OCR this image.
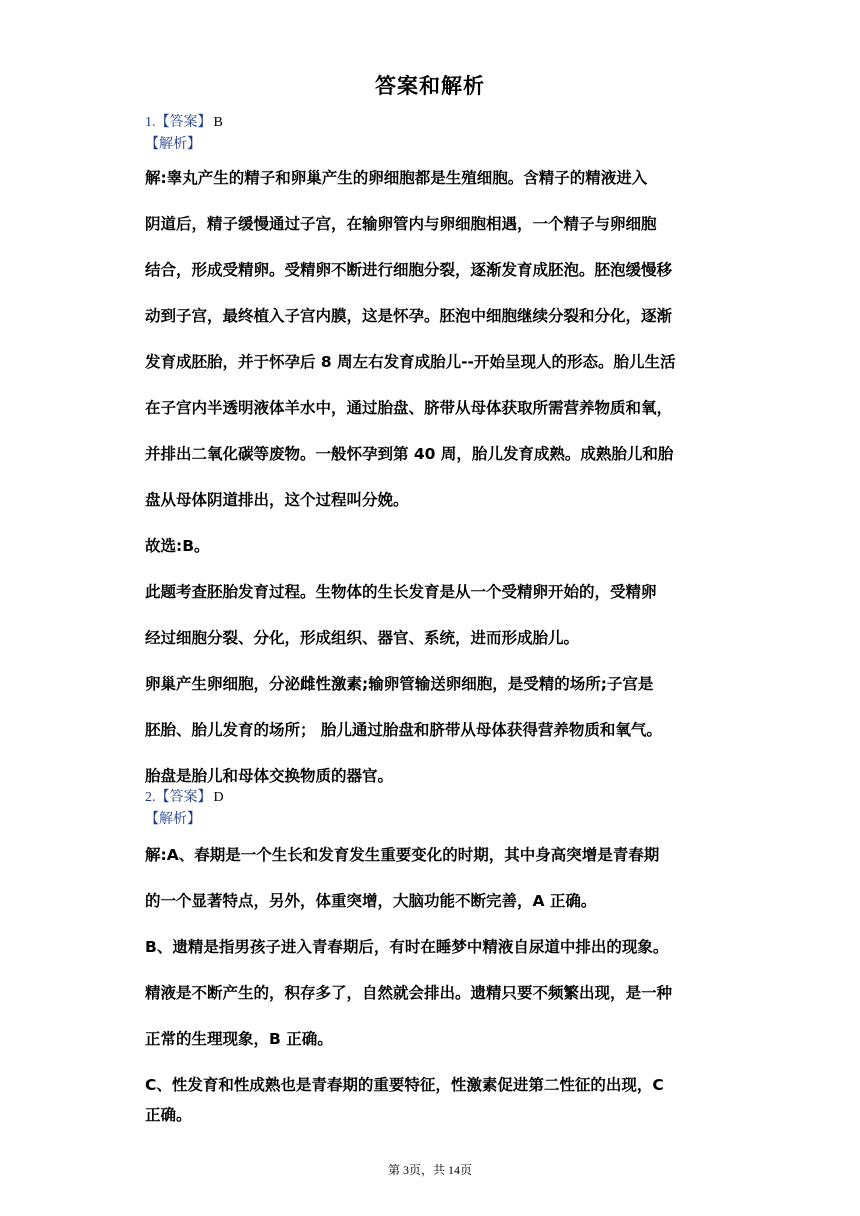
答案和解析
1.【答案】 B
【解析】
解:睾丸产生的精子和卵巢产生的卵细胞都是生殖细胞。含精子的精液进入
阴道后，精子缓慢通过子宫，在输卵管内与卵细胞相遇，一个精子与卵细胞
结合，形成受精卵。受精卵不断进行细胞分裂，逐渐发育成胚泡。胚泡缓慢移
动到子宫，最终植入子宫内膜，这是怀孕。胚泡中细胞继续分裂和分化，逐渐
发育成胚胎，并于怀孕后 8 周左右发育成胎儿--开始呈现人的形态。胎儿生活
在子宫内半透明液体羊水中，通过胎盘、脐带从母体获取所需营养物质和氧，
并排出二氧化碳等废物。一般怀孕到第 40 周，胎儿发育成熟。成熟胎儿和胎
盘从母体阴道排出，这个过程叫分娩。
故选:B。
此题考查胚胎发育过程。生物体的生长发育是从一个受精卵开始的，受精卵
经过细胞分裂、分化，形成组织、器官、系统，进而形成胎儿。
卵巢产生卵细胞，分泌雌性激素;输卵管输送卵细胞，是受精的场所;子宫是
胚胎、胎儿发育的场所； 胎儿通过胎盘和脐带从母体获得营养物质和氧气。
胎盘是胎儿和母体交换物质的器官。
2.【答案】 D
【解析】
解:A、春期是一个生长和发育发生重要变化的时期，其中身高突增是青春期
的一个显著特点，另外，体重突增，大脑功能不断完善，A 正确。
B、遗精是指男孩子进入青春期后，有时在睡梦中精液自尿道中排出的现象。
精液是不断产生的，积存多了，自然就会排出。遗精只要不频繁出现，是一种
正常的生理现象，B 正确。
C、性发育和性成熟也是青春期的重要特征，性激素促进第二性征的出现，C
正确。
第 3页，共 14页
